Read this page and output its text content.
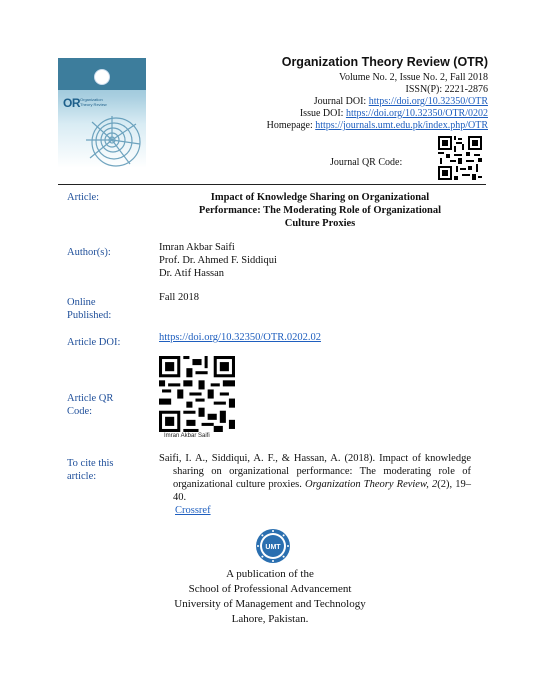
OR Organization
Theory Review
Organization Theory Review (OTR)
Volume No. 2, Issue No. 2, Fall 2018
ISSN(P): 2221-2876
Journal DOI: https://doi.org/10.32350/OTR
Issue DOI: https://doi.org/10.32350/OTR/0202
Homepage: https://journals.umt.edu.pk/index.php/OTR
Journal QR Code:
Article:	Impact of Knowledge Sharing on Organizational
Performance: The Moderating Role of Organizational
Culture Proxies
Author(s):	Imran Akbar Saifi
Prof. Dr. Ahmed F. Siddiqui
Dr. Atif Hassan
Online
Published:
Fall 2018
Article DOI:	https://doi.org/10.32350/OTR.0202.02
Article QR
Code:
Imran Akbar Saifi
To cite this
article:
Saifi, I. A., Siddiqui, A. F., & Hassan, A. (2018). Impact of knowledge sharing on organizational performance: The moderating role of organizational culture proxies. Organization Theory Review, 2(2), 19–40.
Crossref
UMT
A publication of the
School of Professional Advancement
University of Management and Technology
Lahore, Pakistan.
